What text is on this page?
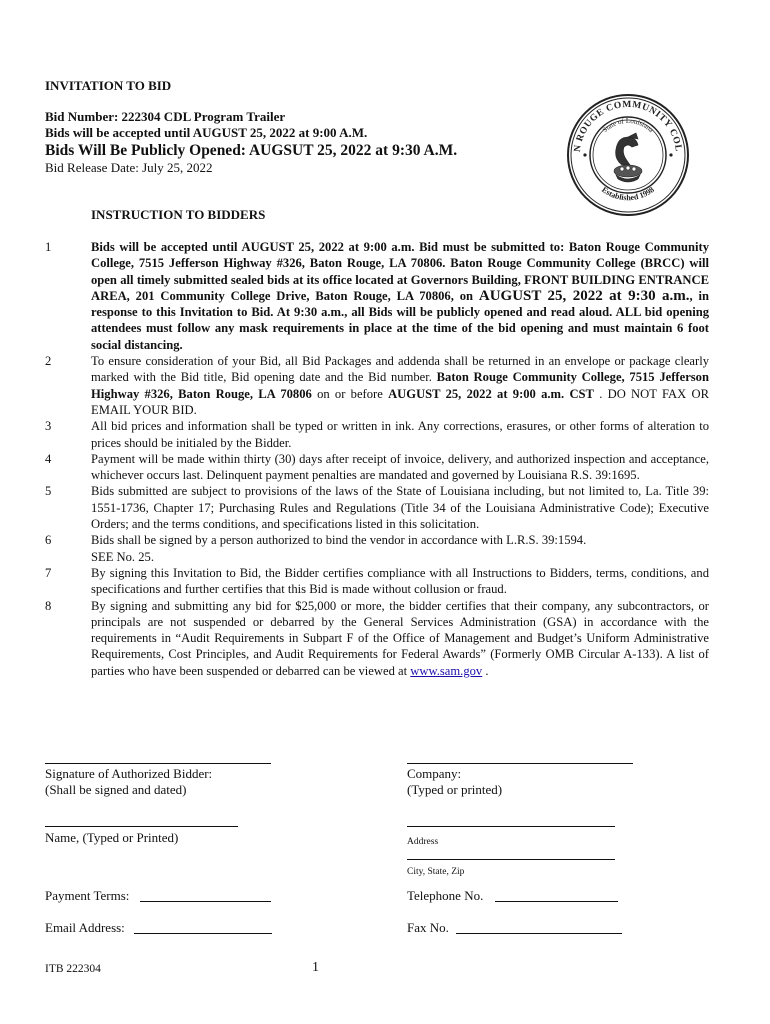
INVITATION TO BID
Bid Number: 222304 CDL Program Trailer
Bids will be accepted until AUGUST 25, 2022 at 9:00 A.M.
Bids Will Be Publicly Opened: AUGSUT 25, 2022 at 9:30 A.M.
Bid Release Date: July 25, 2022
N ROUGE COMMUNITY COL
Established 1998
State of Louisiana
INSTRUCTION TO BIDDERS
1	Bids will be accepted until AUGUST 25, 2022 at 9:00 a.m. Bid must be submitted to: Baton Rouge Community College, 7515 Jefferson Highway #326, Baton Rouge, LA 70806. Baton Rouge Community College (BRCC) will open all timely submitted sealed bids at its office located at Governors Building, FRONT BUILDING ENTRANCE AREA, 201 Community College Drive, Baton Rouge, LA 70806, on AUGUST 25, 2022 at 9:30 a.m., in response to this Invitation to Bid. At 9:30 a.m., all Bids will be publicly opened and read aloud. ALL bid opening attendees must follow any mask requirements in place at the time of the bid opening and must maintain 6 foot social distancing.
2	To ensure consideration of your Bid, all Bid Packages and addenda shall be returned in an envelope or package clearly marked with the Bid title, Bid opening date and the Bid number. Baton Rouge Community College, 7515 Jefferson Highway #326, Baton Rouge, LA 70806 on or before AUGUST 25, 2022 at 9:00 a.m. CST . DO NOT FAX OR EMAIL YOUR BID.
3	All bid prices and information shall be typed or written in ink. Any corrections, erasures, or other forms of alteration to prices should be initialed by the Bidder.
4	Payment will be made within thirty (30) days after receipt of invoice, delivery, and authorized inspection and acceptance, whichever occurs last. Delinquent payment penalties are mandated and governed by Louisiana R.S. 39:1695.
5	Bids submitted are subject to provisions of the laws of the State of Louisiana including, but not limited to, La. Title 39: 1551-1736, Chapter 17; Purchasing Rules and Regulations (Title 34 of the Louisiana Administrative Code); Executive Orders; and the terms conditions, and specifications listed in this solicitation.
6	Bids shall be signed by a person authorized to bind the vendor in accordance with L.R.S. 39:1594.
SEE No. 25.
7	By signing this Invitation to Bid, the Bidder certifies compliance with all Instructions to Bidders, terms, conditions, and specifications and further certifies that this Bid is made without collusion or fraud.
8	By signing and submitting any bid for $25,000 or more, the bidder certifies that their company, any subcontractors, or principals are not suspended or debarred by the General Services Administration (GSA) in accordance with the requirements in “Audit Requirements in Subpart F of the Office of Management and Budget’s Uniform Administrative Requirements, Cost Principles, and Audit Requirements for Federal Awards” (Formerly OMB Circular A-133). A list of parties who have been suspended or debarred can be viewed at www.sam.gov .
Signature of Authorized Bidder:
(Shall be signed and dated)
Company:
(Typed or printed)
Name, (Typed or Printed)	Address
City, State, Zip
Payment Terms:	Telephone No.
Email Address:	Fax No.
ITB 222304	1
